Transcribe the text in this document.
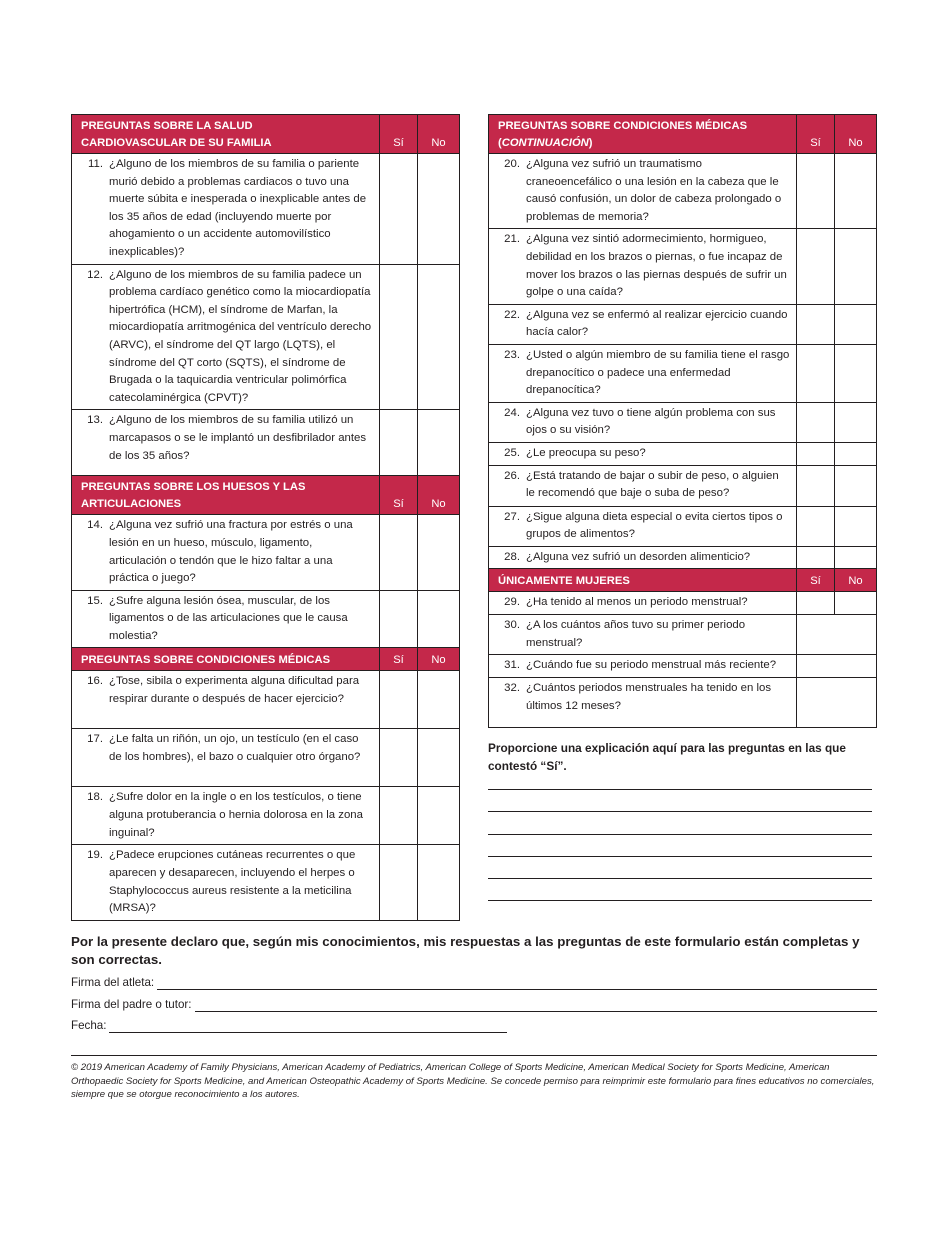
PREGUNTAS SOBRE LA SALUD CARDIOVASCULAR DE SU FAMILIA	Sí	No

11. ¿Alguno de los miembros de su familia o pariente murió debido a problemas cardiacos o tuvo una muerte súbita e inesperada o inexplicable antes de los 35 años de edad (incluyendo muerte por ahogamiento o un accidente automovilístico inexplicables)?		

12. ¿Alguno de los miembros de su familia padece un problema cardíaco genético como la miocardiopatía hipertrófica (HCM), el síndrome de Marfan, la miocardiopatía arritmogénica del ventrículo derecho (ARVC), el síndrome del QT largo (LQTS), el síndrome del QT corto (SQTS), el síndrome de Brugada o la taquicardia ventricular polimórfica catecolaminérgica (CPVT)?		

13. ¿Alguno de los miembros de su familia utilizó un marcapasos o se le implantó un desfibrilador antes de los 35 años?		

PREGUNTAS SOBRE LOS HUESOS Y LAS ARTICULACIONES	Sí	No

14. ¿Alguna vez sufrió una fractura por estrés o una lesión en un hueso, músculo, ligamento, articulación o tendón que le hizo faltar a una práctica o juego?		

15. ¿Sufre alguna lesión ósea, muscular, de los ligamentos o de las articulaciones que le causa molestia?		

PREGUNTAS SOBRE CONDICIONES MÉDICAS	Sí	No

16. ¿Tose, sibila o experimenta alguna dificultad para respirar durante o después de hacer ejercicio?		

17. ¿Le falta un riñón, un ojo, un testículo (en el caso de los hombres), el bazo o cualquier otro órgano?		

18. ¿Sufre dolor en la ingle o en los testículos, o tiene alguna protuberancia o hernia dolorosa en la zona inguinal?		

19. ¿Padece erupciones cutáneas recurrentes o que aparecen y desaparecen, incluyendo el herpes o Staphylococcus aureus resistente a la meticilina (MRSA)?		

PREGUNTAS SOBRE CONDICIONES MÉDICAS
(CONTINUACIÓN)	Sí	No

20. ¿Alguna vez sufrió un traumatismo craneoencefálico o una lesión en la cabeza que le causó confusión, un dolor de cabeza prolongado o problemas de memoria?		

21. ¿Alguna vez sintió adormecimiento, hormigueo, debilidad en los brazos o piernas, o fue incapaz de mover los brazos o las piernas después de sufrir un golpe o una caída?		

22. ¿Alguna vez se enfermó al realizar ejercicio cuando hacía calor?		

23. ¿Usted o algún miembro de su familia tiene el rasgo drepanocítico o padece una enfermedad drepanocítica?		

24. ¿Alguna vez tuvo o tiene algún problema con sus ojos o su visión?		

25. ¿Le preocupa su peso?		

26. ¿Está tratando de bajar o subir de peso, o alguien le recomendó que baje o suba de peso?		

27. ¿Sigue alguna dieta especial o evita ciertos tipos o grupos de alimentos?		

28. ¿Alguna vez sufrió un desorden alimenticio?		

ÚNICAMENTE MUJERES	Sí	No

29. ¿Ha tenido al menos un periodo menstrual?		

30. ¿A los cuántos años tuvo su primer periodo menstrual?		

31. ¿Cuándo fue su periodo menstrual más reciente?		

32. ¿Cuántos periodos menstruales ha tenido en los últimos 12 meses?		

Proporcione una explicación aquí para las preguntas en las que contestó “Sí”.
Por la presente declaro que, según mis conocimientos, mis respuestas a las preguntas de este formulario están completas y son correctas.
Firma del atleta:
Firma del padre o tutor:
Fecha:
© 2019 American Academy of Family Physicians, American Academy of Pediatrics, American College of Sports Medicine, American Medical Society for Sports Medicine, American Orthopaedic Society for Sports Medicine, and American Osteopathic Academy of Sports Medicine. Se concede permiso para reimprimir este formulario para fines educativos no comerciales, siempre que se otorgue reconocimiento a los autores.
